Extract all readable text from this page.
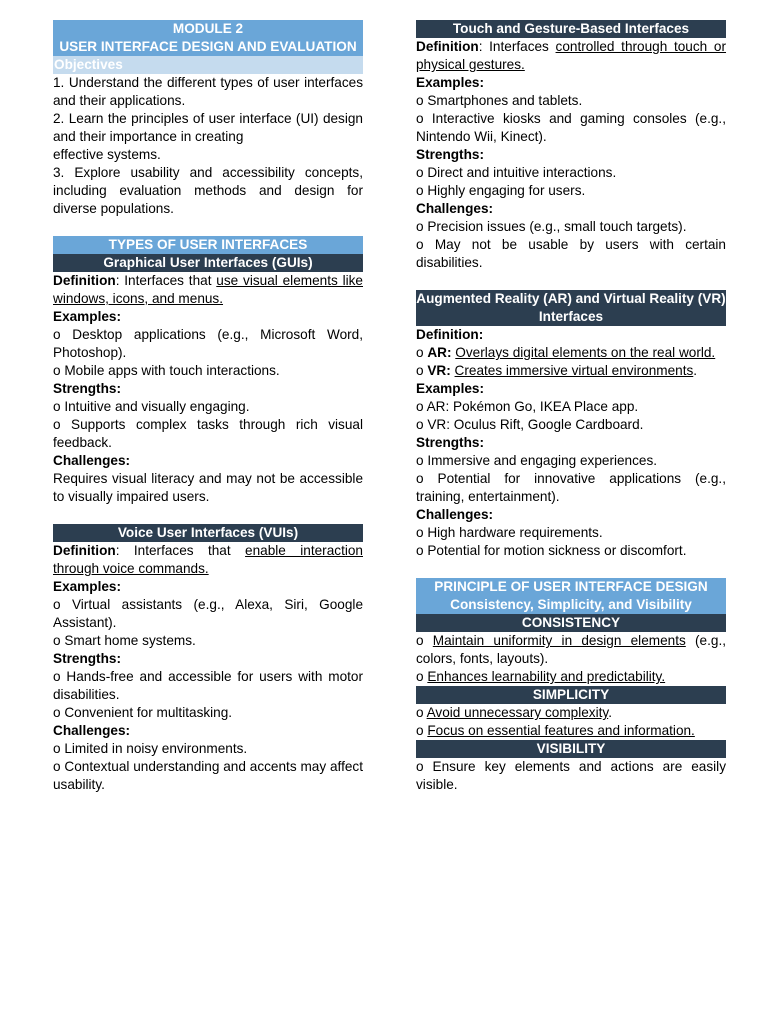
MODULE 2
USER INTERFACE DESIGN AND EVALUATION
Objectives

1. Understand the different types of user interfaces and their applications.

2. Learn the principles of user interface (UI) design and their importance in creating

effective systems.

3. Explore usability and accessibility concepts, including evaluation methods and design for diverse populations.

TYPES OF USER INTERFACES
Graphical User Interfaces (GUIs)

Definition: Interfaces that use visual elements like windows, icons, and menus.

Examples:

o Desktop applications (e.g., Microsoft Word, Photoshop).

o Mobile apps with touch interactions.

Strengths:

o Intuitive and visually engaging.

o Supports complex tasks through rich visual feedback.

Challenges:

Requires visual literacy and may not be accessible to visually impaired users.

Voice User Interfaces (VUIs)

Definition: Interfaces that enable interaction through voice commands.

Examples:

o Virtual assistants (e.g., Alexa, Siri, Google Assistant).

o Smart home systems.

Strengths:

o Hands-free and accessible for users with motor disabilities.

o Convenient for multitasking.

Challenges:

o Limited in noisy environments.

o Contextual understanding and accents may affect usability.

Touch and Gesture-Based Interfaces

Definition: Interfaces controlled through touch or physical gestures.

Examples:

o Smartphones and tablets.

o Interactive kiosks and gaming consoles (e.g., Nintendo Wii, Kinect).

Strengths:

o Direct and intuitive interactions.

o Highly engaging for users.

Challenges:

o Precision issues (e.g., small touch targets).

o May not be usable by users with certain disabilities.

Augmented Reality (AR) and Virtual Reality (VR) Interfaces

Definition:

o AR: Overlays digital elements on the real world.

o VR: Creates immersive virtual environments.

Examples:

o AR: Pokémon Go, IKEA Place app.

o VR: Oculus Rift, Google Cardboard.

Strengths:

o Immersive and engaging experiences.

o Potential for innovative applications (e.g., training, entertainment).

Challenges:

o High hardware requirements.

o Potential for motion sickness or discomfort.

PRINCIPLE OF USER INTERFACE DESIGN
Consistency, Simplicity, and Visibility
CONSISTENCY

o Maintain uniformity in design elements (e.g., colors, fonts, layouts).

o Enhances learnability and predictability.

SIMPLICITY

o Avoid unnecessary complexity.

o Focus on essential features and information.

VISIBILITY

o Ensure key elements and actions are easily visible.
